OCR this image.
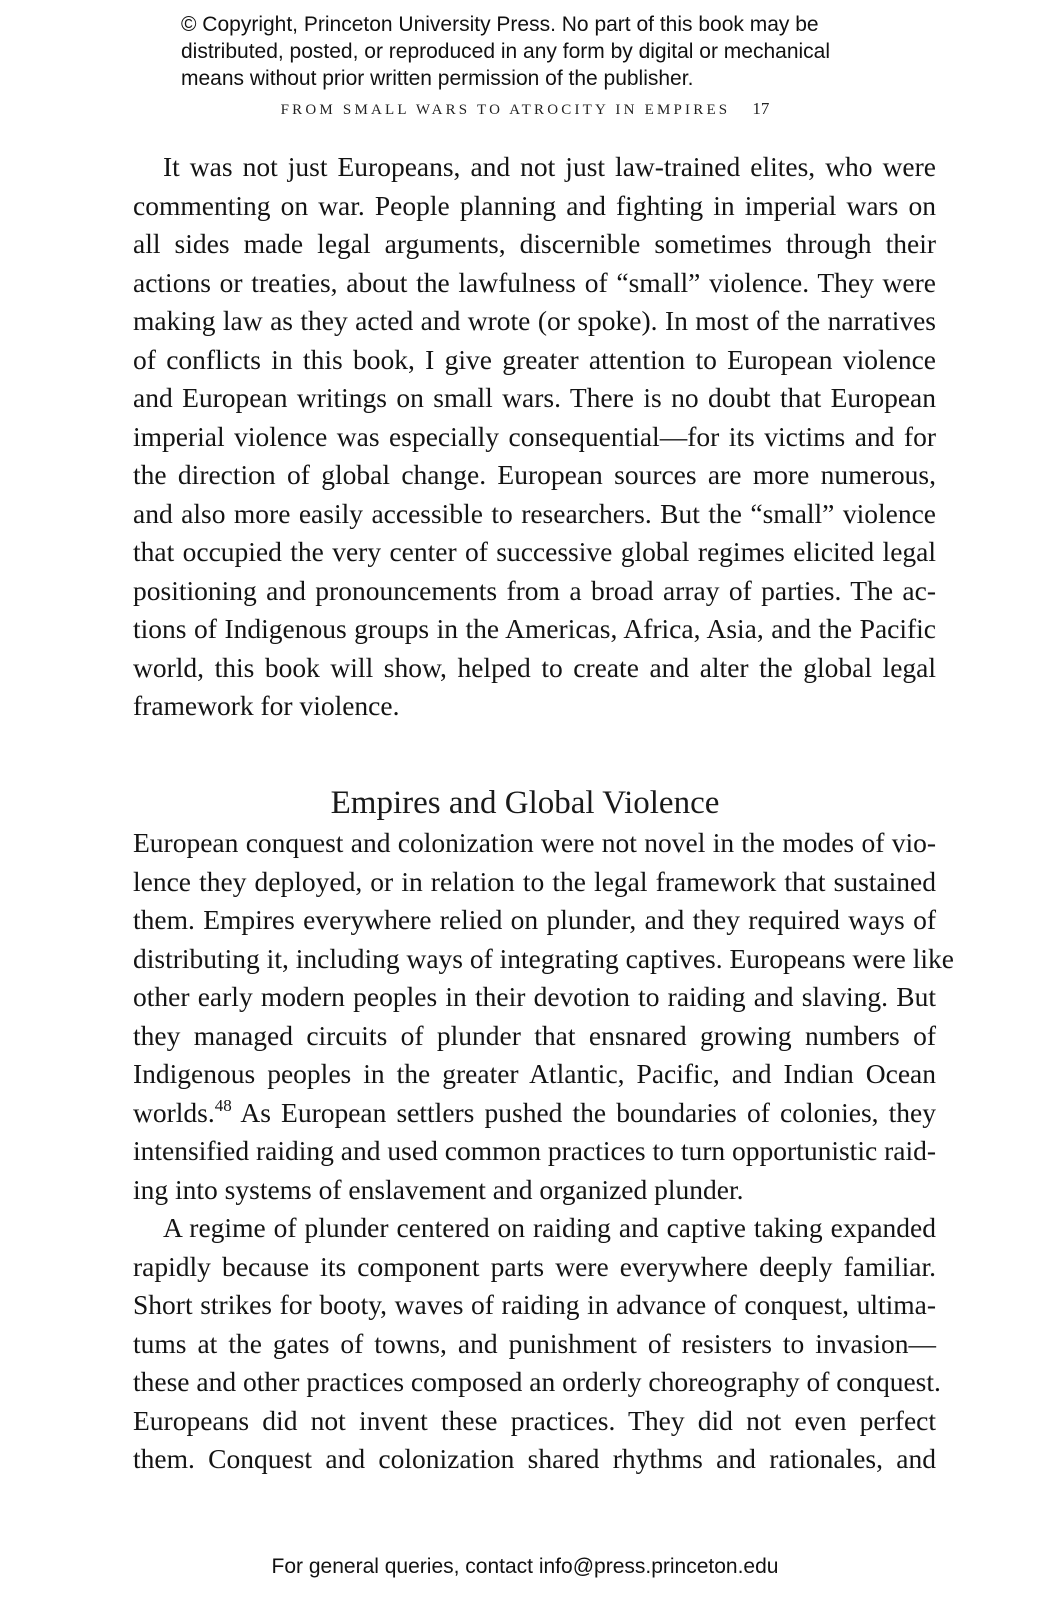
© Copyright, Princeton University Press. No part of this book may be
distributed, posted, or reproduced in any form by digital or mechanical
means without prior written permission of the publisher.
FROM SMALL WARS TO ATROCITY IN EMPIRES 17
It was not just Europeans, and not just law-trained elites, who were
commenting on war. People planning and fighting in imperial wars on
all sides made legal arguments, discernible sometimes through their
actions or treaties, about the lawfulness of “small” violence. They were
making law as they acted and wrote (or spoke). In most of the narratives
of conflicts in this book, I give greater attention to European violence
and European writings on small wars. There is no doubt that European
imperial violence was especially consequential—for its victims and for
the direction of global change. European sources are more numerous,
and also more easily accessible to researchers. But the “small” violence
that occupied the very center of successive global regimes elicited legal
positioning and pronouncements from a broad array of parties. The ac-
tions of Indigenous groups in the Americas, Africa, Asia, and the Pacific
world, this book will show, helped to create and alter the global legal
framework for violence.
Empires and Global Violence
European conquest and colonization were not novel in the modes of vio-
lence they deployed, or in relation to the legal framework that sustained
them. Empires everywhere relied on plunder, and they required ways of
distributing it, including ways of integrating captives. Europeans were like
other early modern peoples in their devotion to raiding and slaving. But
they managed circuits of plunder that ensnared growing numbers of
Indigenous peoples in the greater Atlantic, Pacific, and Indian Ocean
worlds.$^{48}$ As European settlers pushed the boundaries of colonies, they
intensified raiding and used common practices to turn opportunistic raid-
ing into systems of enslavement and organized plunder.
A regime of plunder centered on raiding and captive taking expanded
rapidly because its component parts were everywhere deeply familiar.
Short strikes for booty, waves of raiding in advance of conquest, ultima-
tums at the gates of towns, and punishment of resisters to invasion—
these and other practices composed an orderly choreography of conquest.
Europeans did not invent these practices. They did not even perfect
them. Conquest and colonization shared rhythms and rationales, and
For general queries, contact info@press.princeton.edu
